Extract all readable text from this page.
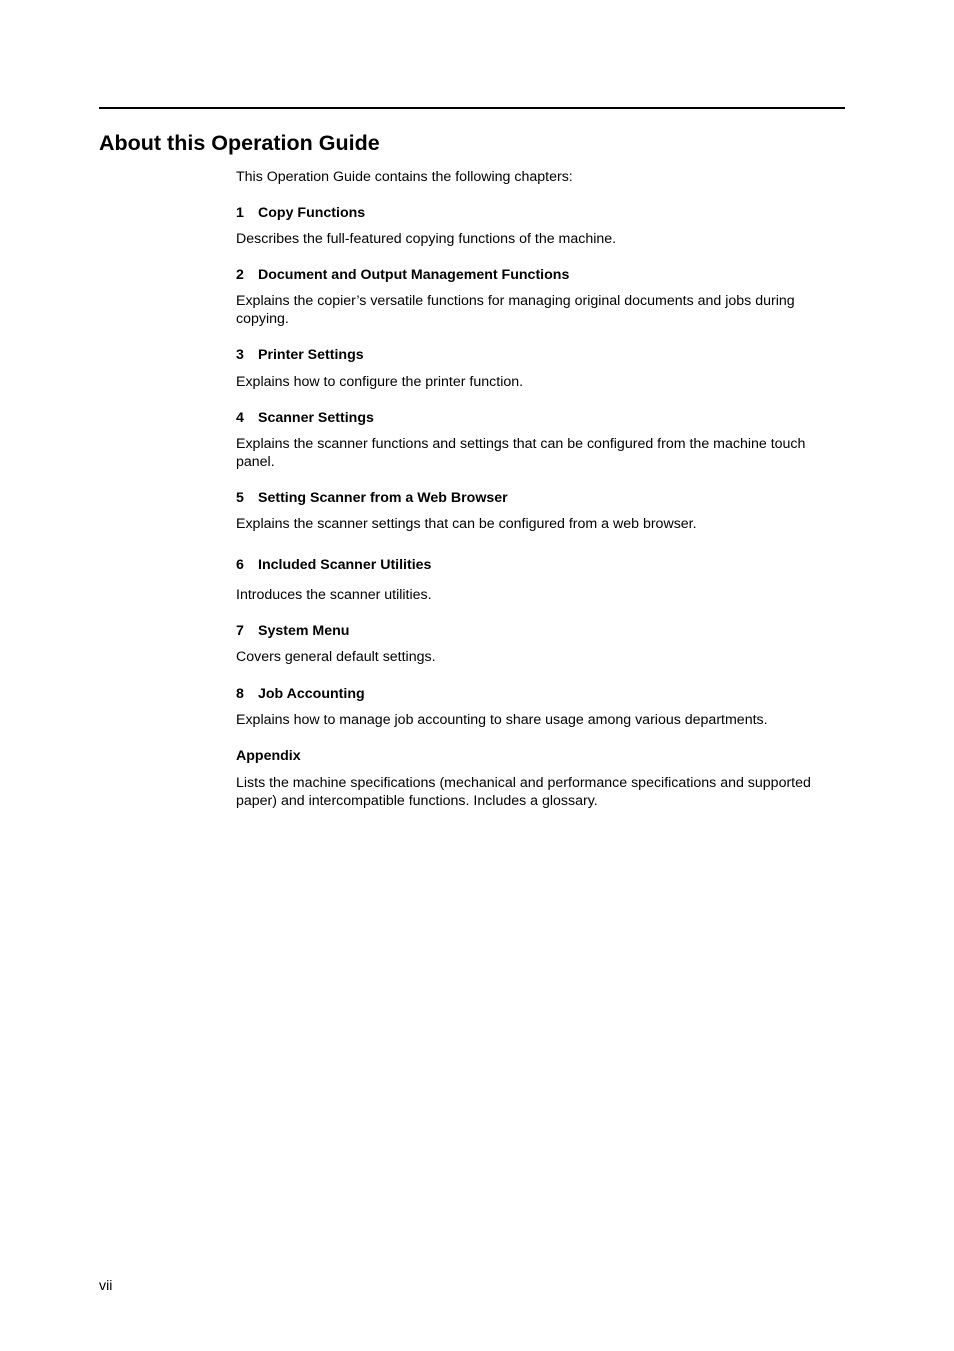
About this Operation Guide

This Operation Guide contains the following chapters:

1 Copy Functions

Describes the full-featured copying functions of the machine.

2 Document and Output Management Functions

Explains the copier’s versatile functions for managing original documents and jobs during copying.

3 Printer Settings

Explains how to configure the printer function.

4 Scanner Settings

Explains the scanner functions and settings that can be configured from the machine touch panel.

5 Setting Scanner from a Web Browser

Explains the scanner settings that can be configured from a web browser.

6 Included Scanner Utilities

Introduces the scanner utilities.

7 System Menu

Covers general default settings.

8 Job Accounting

Explains how to manage job accounting to share usage among various departments.

Appendix

Lists the machine specifications (mechanical and performance specifications and supported paper) and intercompatible functions. Includes a glossary.

vii
